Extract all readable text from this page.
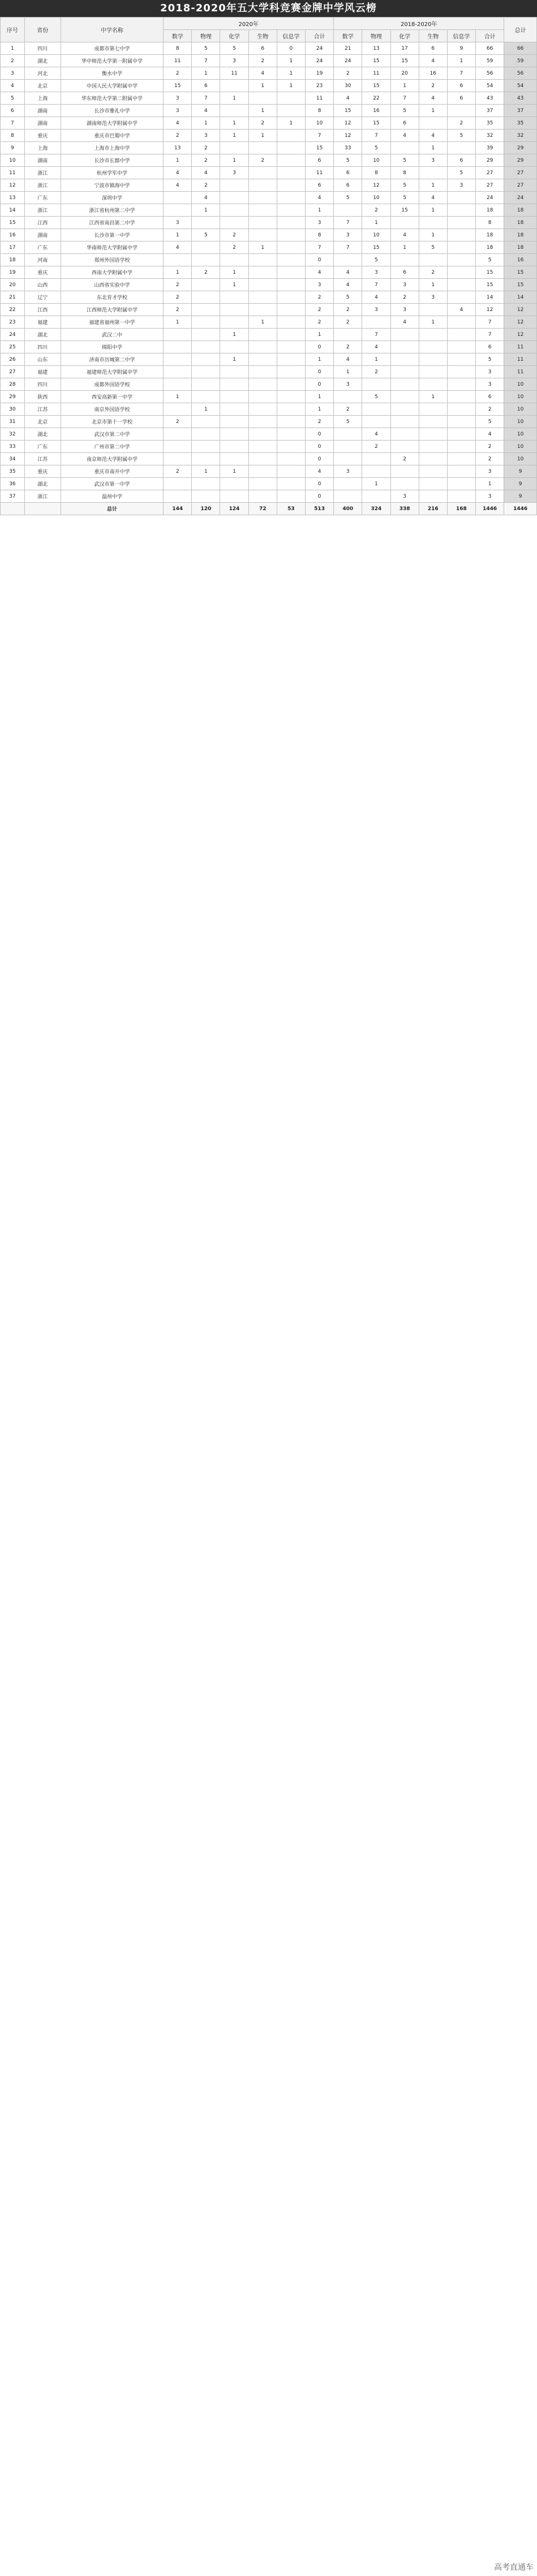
2018-2020年五大学科竞赛金牌中学风云榜
序号	省份	中学名称	2020年						2018-2020年						总计
			数学	物理	化学	生物	信息学	合计	数学	物理	化学	生物	信息学	合计	
1	四川	成都市第七中学	8	5	5	6	0	24	21	13	17	6	9	66	66
2	湖北	华中师范大学第一附属中学	11	7	3	2	1	24	24	15	15	4	1	59	59
3	河北	衡水中学	2	1	11	4	1	19	2	11	20	16	7	56	56
4	北京	中国人民大学附属中学	15	6		1	1	23	30	15	1	2	6	54	54
5	上海	华东师范大学第二附属中学	3	7	1			11	4	22	7	4	6	43	43
6	湖南	长沙市雅礼中学	3	4		1		8	15	16	5	1		37	37
7	湖南	湖南师范大学附属中学	4	1	1	2	1	10	12	15	6		2	35	35
8	重庆	重庆市巴蜀中学	2	3	1	1		7	12	7	4	4	5	32	32
9	上海	上海市上海中学	13	2				15	33	5		1		39	29
10	湖南	长沙市长郡中学	1	2	1	2		6	5	10	5	3	6	29	29
11	浙江	杭州学军中学	4	4	3			11	6	8	8		5	27	27
12	浙江	宁波市镇海中学	4	2				6	6	12	5	1	3	27	27
13	广东	深圳中学		4				4	5	10	5	4		24	24
14	浙江	浙江省杭州第二中学		1				1		2	15	1		18	18
15	江西	江西省南昌第二中学	3					3	7	1				8	18
16	湖南	长沙市第一中学	1	5	2			8	3	10	4	1		18	18
17	广东	华南师范大学附属中学	4		2	1		7	7	15	1	5		18	18
18	河南	郑州外国语学校						0		5				5	16
19	重庆	西南大学附属中学	1	2	1			4	4	3	6	2		15	15
20	山西	山西省实验中学	2		1			3	4	7	3	1		15	15
21	辽宁	东北育才学校	2					2	5	4	2	3		14	14
22	江西	江西师范大学附属中学	2					2	2	3	3		4	12	12
23	福建	福建省福州第一中学	1			1		2	2		4	1		7	12
24	湖北	武汉二中			1			1		7				7	12
25	四川	绵阳中学						0	2	4				6	11
26	山东	济南市历城第二中学			1			1	4	1				5	11
27	福建	福建师范大学附属中学						0	1	2				3	11
28	四川	成都外国语学校						0	3					3	10
29	陕西	西安高新第一中学	1					1		5		1		6	10
30	江苏	南京外国语学校		1				1	2					2	10
31	北京	北京市第十一学校	2					2	5					5	10
32	湖北	武汉市第二中学						0		4				4	10
33	广东	广州市第二中学						0		2				2	10
34	江苏	南京师范大学附属中学						0			2			2	10
35	重庆	重庆市南开中学	2	1	1			4	3					3	9
36	湖北	武汉市第一中学						0		1				1	9
37	浙江	温州中学						0			3			3	9
		总计	144	120	124	72	53	513	400	324	338	216	168	1446	1446
高考直通车
